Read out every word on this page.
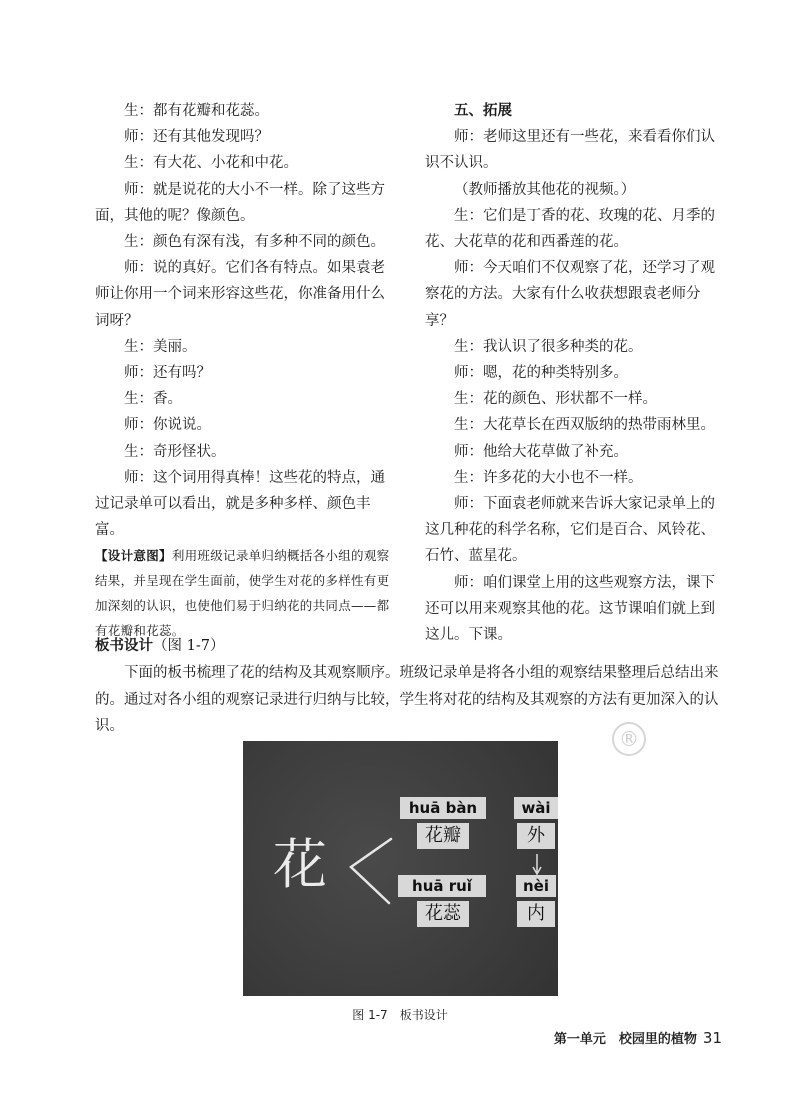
生：都有花瓣和花蕊。

师：还有其他发现吗？

生：有大花、小花和中花。

师：就是说花的大小不一样。除了这些方面，其他的呢？像颜色。

生：颜色有深有浅，有多种不同的颜色。

师：说的真好。它们各有特点。如果袁老师让你用一个词来形容这些花，你准备用什么词呀？

生：美丽。

师：还有吗？

生：香。

师：你说说。

生：奇形怪状。

师：这个词用得真棒！这些花的特点，通过记录单可以看出，就是多种多样、颜色丰富。

【设计意图】利用班级记录单归纳概括各小组的观察结果，并呈现在学生面前，使学生对花的多样性有更加深刻的认识，也使他们易于归纳花的共同点——都有花瓣和花蕊。

五、拓展

师：老师这里还有一些花，来看看你们认识不认识。

（教师播放其他花的视频。）

生：它们是丁香的花、玫瑰的花、月季的花、大花草的花和西番莲的花。

师：今天咱们不仅观察了花，还学习了观察花的方法。大家有什么收获想跟袁老师分享？

生：我认识了很多种类的花。

师：嗯，花的种类特别多。

生：花的颜色、形状都不一样。

生：大花草长在西双版纳的热带雨林里。

师：他给大花草做了补充。

生：许多花的大小也不一样。

师：下面袁老师就来告诉大家记录单上的这几种花的科学名称，它们是百合、风铃花、石竹、蓝星花。

师：咱们课堂上用的这些观察方法，课下还可以用来观察其他的花。这节课咱们就上到这儿。下课。

板书设计（图 1-7）

下面的板书梳理了花的结构及其观察顺序。班级记录单是将各小组的观察结果整理后总结出来的。通过对各小组的观察记录进行归纳与比较，学生将对花的结构及其观察的方法有更加深入的认识。

®
花
huā bàn
花瓣
huā ruǐ
花蕊
wài
外
nèi
内
图 1-7　板书设计
第一单元　校园里的植物 31
